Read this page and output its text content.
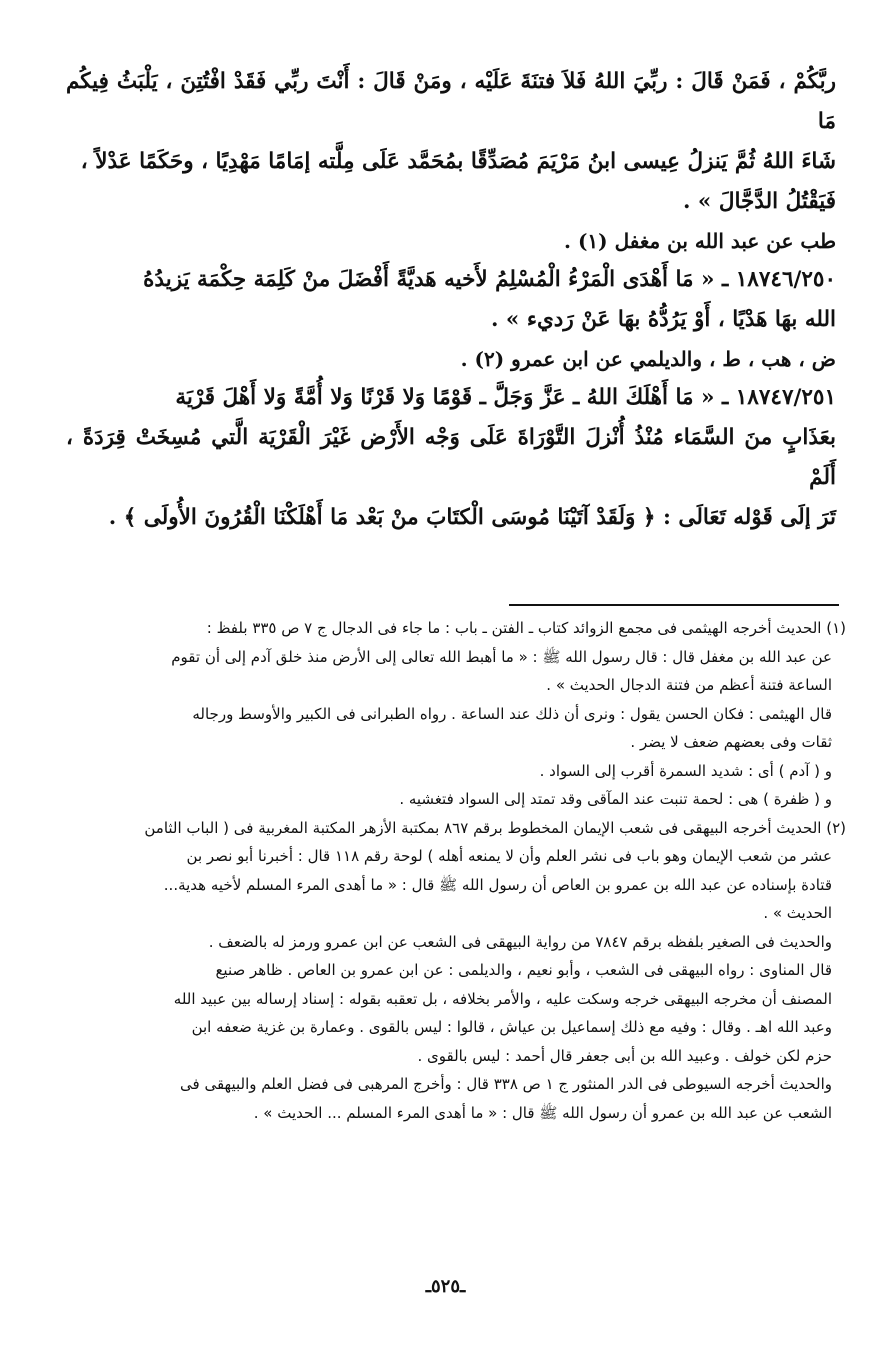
ربَّكُمْ ، فَمَنْ قَالَ : ربِّيَ اللهُ فَلاَ فتنَةَ عَلَيْه ، ومَنْ قَالَ : أَنْتَ ربِّي فَقَدْ افْتُتِنَ ، يَلْبَثُ فِيكُم مَا

شَاءَ اللهُ ثُمَّ يَنزلُ عِيسى ابنُ مَرْيَمَ مُصَدِّقًا بمُحَمَّد عَلَى مِلَّته إمَامًا مَهْدِيًا ، وحَكَمًا عَدْلاً ،

فَيَقْتُلُ الدَّجَّالَ » .

طب عن عبد الله بن مغفل (١) .

١٨٧٤٦/٢٥٠ ـ « مَا أَهْدَى الْمَرْءُ الْمُسْلِمُ لأَخيه هَديَّةً أَفْضَلَ منْ كَلِمَة حِكْمَة يَزيدُهُ

الله بهَا هَدْيًا ، أَوْ يَرُدُّهُ بهَا عَنْ رَديء » .

ض ، هب ، ط ، والديلمي عن ابن عمرو (٢) .

١٨٧٤٧/٢٥١ ـ « مَا أَهْلَكَ اللهُ ـ عَزَّ وَجَلَّ ـ قَوْمًا وَلا قَرْنًا وَلا أُمَّةً وَلا أَهْلَ قَرْيَة

بعَذَابٍ منَ السَّمَاء مُنْذُ أُنْزلَ التَّوْرَاةَ عَلَى وَجْه الأَرْض غَيْرَ الْقَرْيَة الَّتي مُسِخَتْ قِرَدَةً ، أَلَمْ

تَرَ إلَى قَوْله تَعَالَى : ﴿ وَلَقَدْ آتَيْنَا مُوسَى الْكتَابَ منْ بَعْد مَا أَهْلَكْنَا الْقُرُونَ الأُولَى ﴾ .

(١) الحديث أخرجه الهيثمى فى مجمع الزوائد كتاب ـ الفتن ـ باب : ما جاء فى الدجال ج ٧ ص ٣٣٥ بلفظ :

عن عبد الله بن مغفل قال : قال رسول الله ﷺ : « ما أهبط الله تعالى إلى الأرض منذ خلق آدم إلى أن تقوم

الساعة فتنة أعظم من فتنة الدجال الحديث » .

قال الهيثمى : فكان الحسن يقول : ونرى أن ذلك عند الساعة . رواه الطبرانى فى الكبير والأوسط ورجاله

ثقات وفى بعضهم ضعف لا يضر .

و ( آدم ) أى : شديد السمرة أقرب إلى السواد .

و ( ظفرة ) هى : لحمة تنبت عند المآقى وقد تمتد إلى السواد فتغشيه .

(٢) الحديث أخرجه البيهقى فى شعب الإيمان المخطوط برقم ٨٦٧ بمكتبة الأزهر المكتبة المغربية فى ( الباب الثامن

عشر من شعب الإيمان وهو باب فى نشر العلم وأن لا يمنعه أهله ) لوحة رقم ١١٨ قال : أخبرنا أبو نصر بن

قتادة بإسناده عن عبد الله بن عمرو بن العاص أن رسول الله ﷺ قال : « ما أهدى المرء المسلم لأخيه هدية...

الحديث » .

والحديث فى الصغير بلفظه برقم ٧٨٤٧ من رواية البيهقى فى الشعب عن ابن عمرو ورمز له بالضعف .

قال المناوى : رواه البيهقى فى الشعب ، وأبو نعيم ، والديلمى : عن ابن عمرو بن العاص . ظاهر صنيع

المصنف أن مخرجه البيهقى خرجه وسكت عليه ، والأمر بخلافه ، بل تعقبه بقوله : إسناد إرساله بين عبيد الله

وعبد الله اهـ . وقال : وفيه مع ذلك إسماعيل بن عياش ، قالوا : ليس بالقوى . وعمارة بن غزية ضعفه ابن

حزم لكن خولف . وعبيد الله بن أبى جعفر قال أحمد : ليس بالقوى .

والحديث أخرجه السيوطى فى الدر المنثور ج ١ ص ٣٣٨ قال : وأخرج المرهبى فى فضل العلم والبيهقى فى

الشعب عن عبد الله بن عمرو أن رسول الله ﷺ قال : « ما أهدى المرء المسلم ... الحديث » .

ـ٥٢٥ـ
